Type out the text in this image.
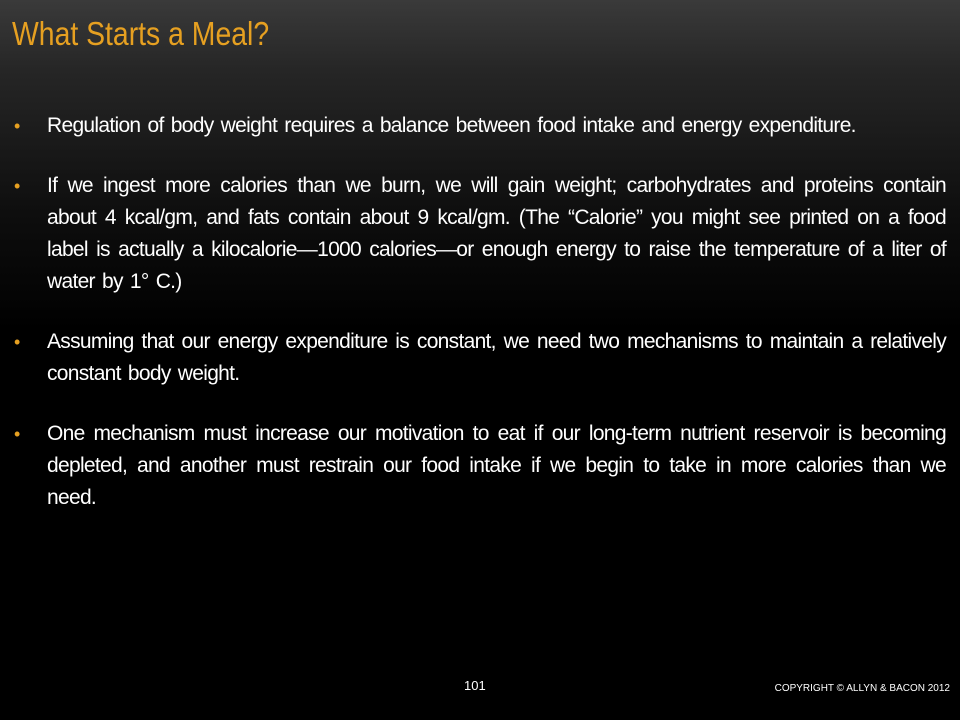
What Starts a Meal?
• Regulation of body weight requires a balance between food intake and energy expenditure.
• If we ingest more calories than we burn, we will gain weight; carbohydrates and proteins contain about 4 kcal/gm, and fats contain about 9 kcal/gm. (The “Calorie” you might see printed on a food label is actually a kilocalorie—1000 calories—or enough energy to raise the temperature of a liter of water by 1° C.)
• Assuming that our energy expenditure is constant, we need two mechanisms to maintain a relatively constant body weight.
• One mechanism must increase our motivation to eat if our long-term nutrient reservoir is becoming depleted, and another must restrain our food intake if we begin to take in more calories than we need.
101	COPYRIGHT © ALLYN & BACON 2012
